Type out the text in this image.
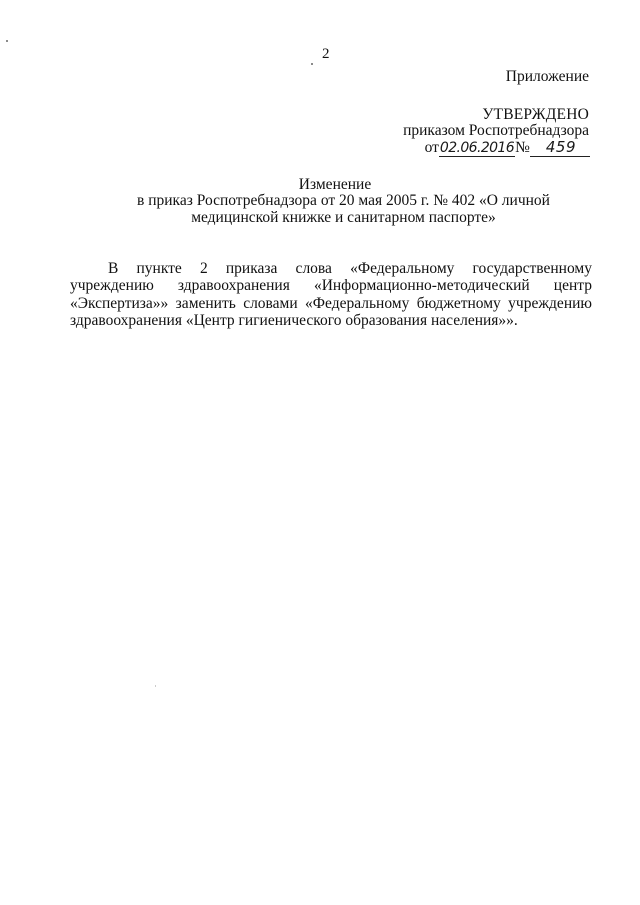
2
Приложение
УТВЕРЖДЕНО
приказом Роспотребнадзора
от 02.06.2016 №	459
Изменение
в приказ Роспотребнадзора от 20 мая 2005 г. № 402 «О личной медицинской книжке и санитарном паспорте»
В пункте 2 приказа слова «Федеральному государственному учреждению здравоохранения «Информационно-методический центр «Экспертиза»» заменить словами «Федеральному бюджетному учреждению здравоохранения «Центр гигиенического образования населения»».
